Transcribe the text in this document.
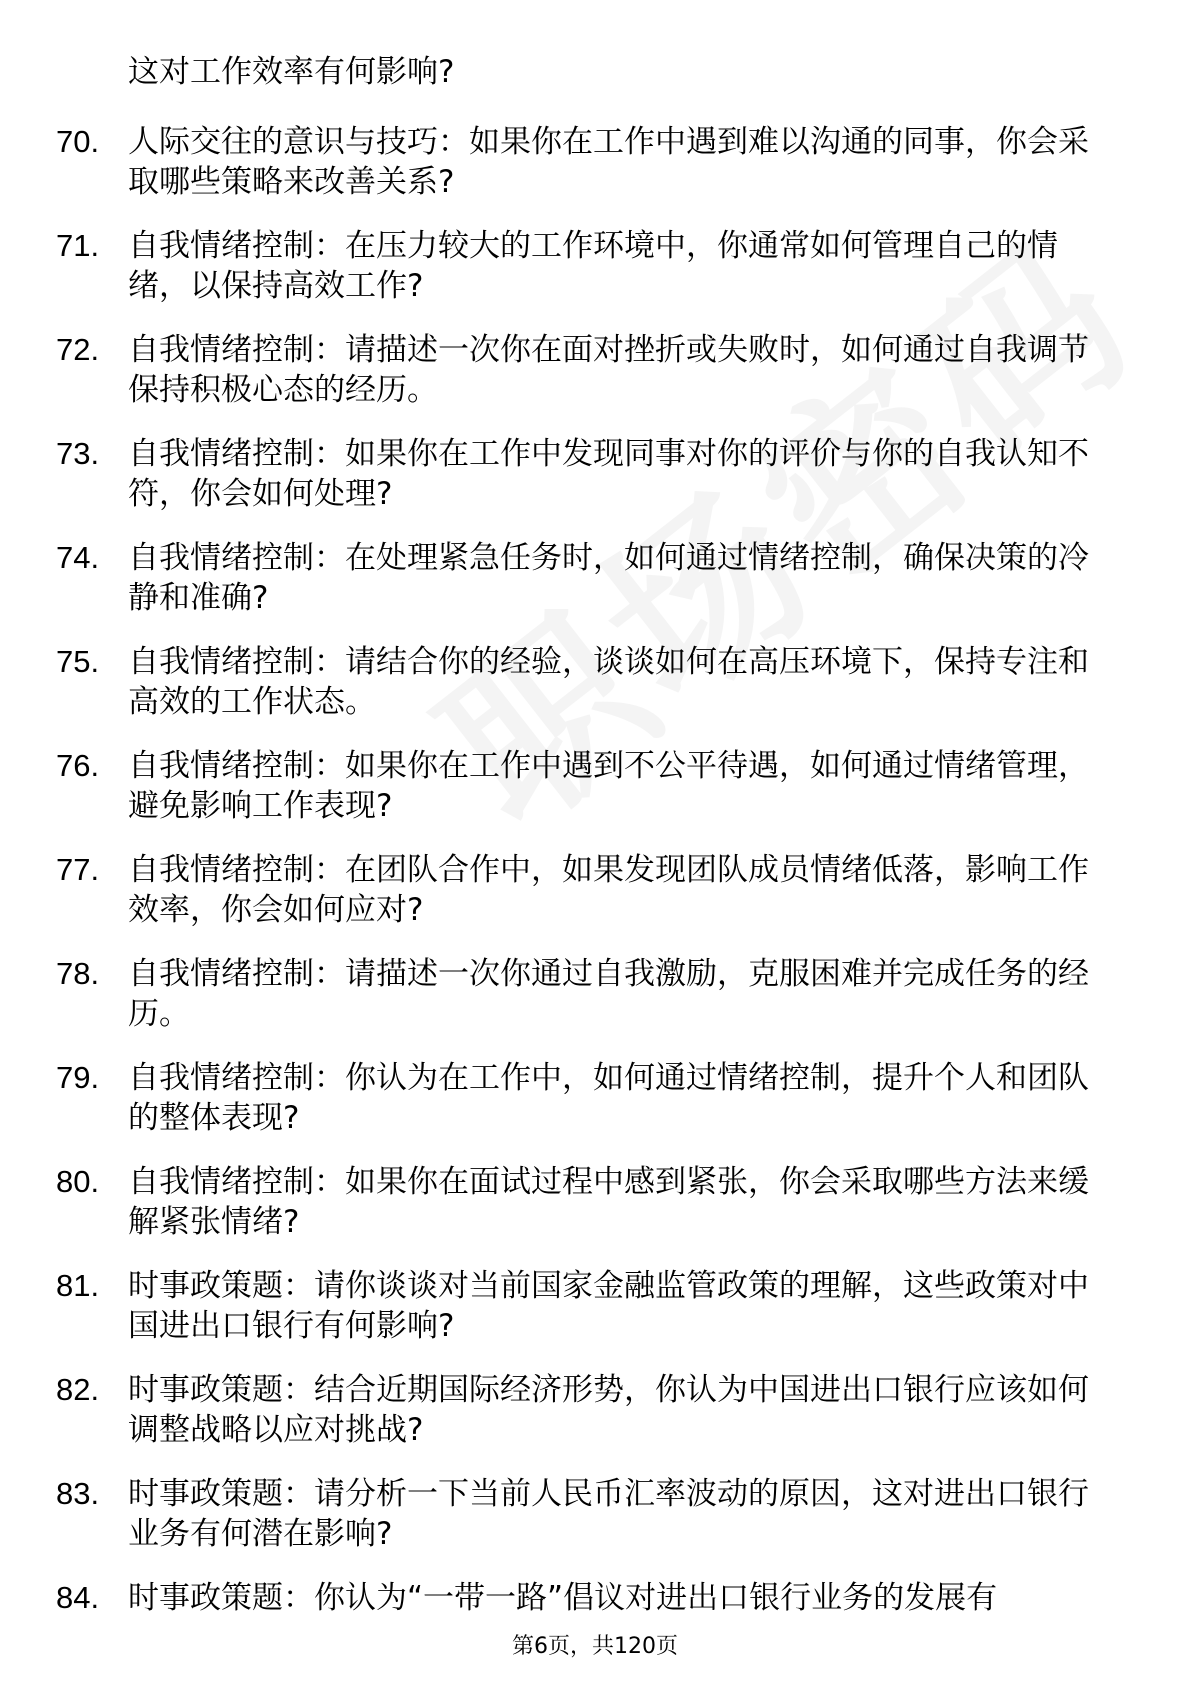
这对工作效率有何影响?

70. 人际交往的意识与技巧：如果你在工作中遇到难以沟通的同事，你会采取哪些策略来改善关系?
71. 自我情绪控制：在压力较大的工作环境中，你通常如何管理自己的情绪，以保持高效工作?
72. 自我情绪控制：请描述一次你在面对挫折或失败时，如何通过自我调节保持积极心态的经历。
73. 自我情绪控制：如果你在工作中发现同事对你的评价与你的自我认知不符，你会如何处理?
74. 自我情绪控制：在处理紧急任务时，如何通过情绪控制，确保决策的冷静和准确?
75. 自我情绪控制：请结合你的经验，谈谈如何在高压环境下，保持专注和高效的工作状态。
76. 自我情绪控制：如果你在工作中遇到不公平待遇，如何通过情绪管理，避免影响工作表现?
77. 自我情绪控制：在团队合作中，如果发现团队成员情绪低落，影响工作效率，你会如何应对?
78. 自我情绪控制：请描述一次你通过自我激励，克服困难并完成任务的经历。
79. 自我情绪控制：你认为在工作中，如何通过情绪控制，提升个人和团队的整体表现?
80. 自我情绪控制：如果你在面试过程中感到紧张，你会采取哪些方法来缓解紧张情绪?
81. 时事政策题：请你谈谈对当前国家金融监管政策的理解，这些政策对中国进出口银行有何影响?
82. 时事政策题：结合近期国际经济形势，你认为中国进出口银行应该如何调整战略以应对挑战?
83. 时事政策题：请分析一下当前人民币汇率波动的原因，这对进出口银行业务有何潜在影响?
84. 时事政策题：你认为“一带一路”倡议对进出口银行业务的发展有
第6页，共120页
